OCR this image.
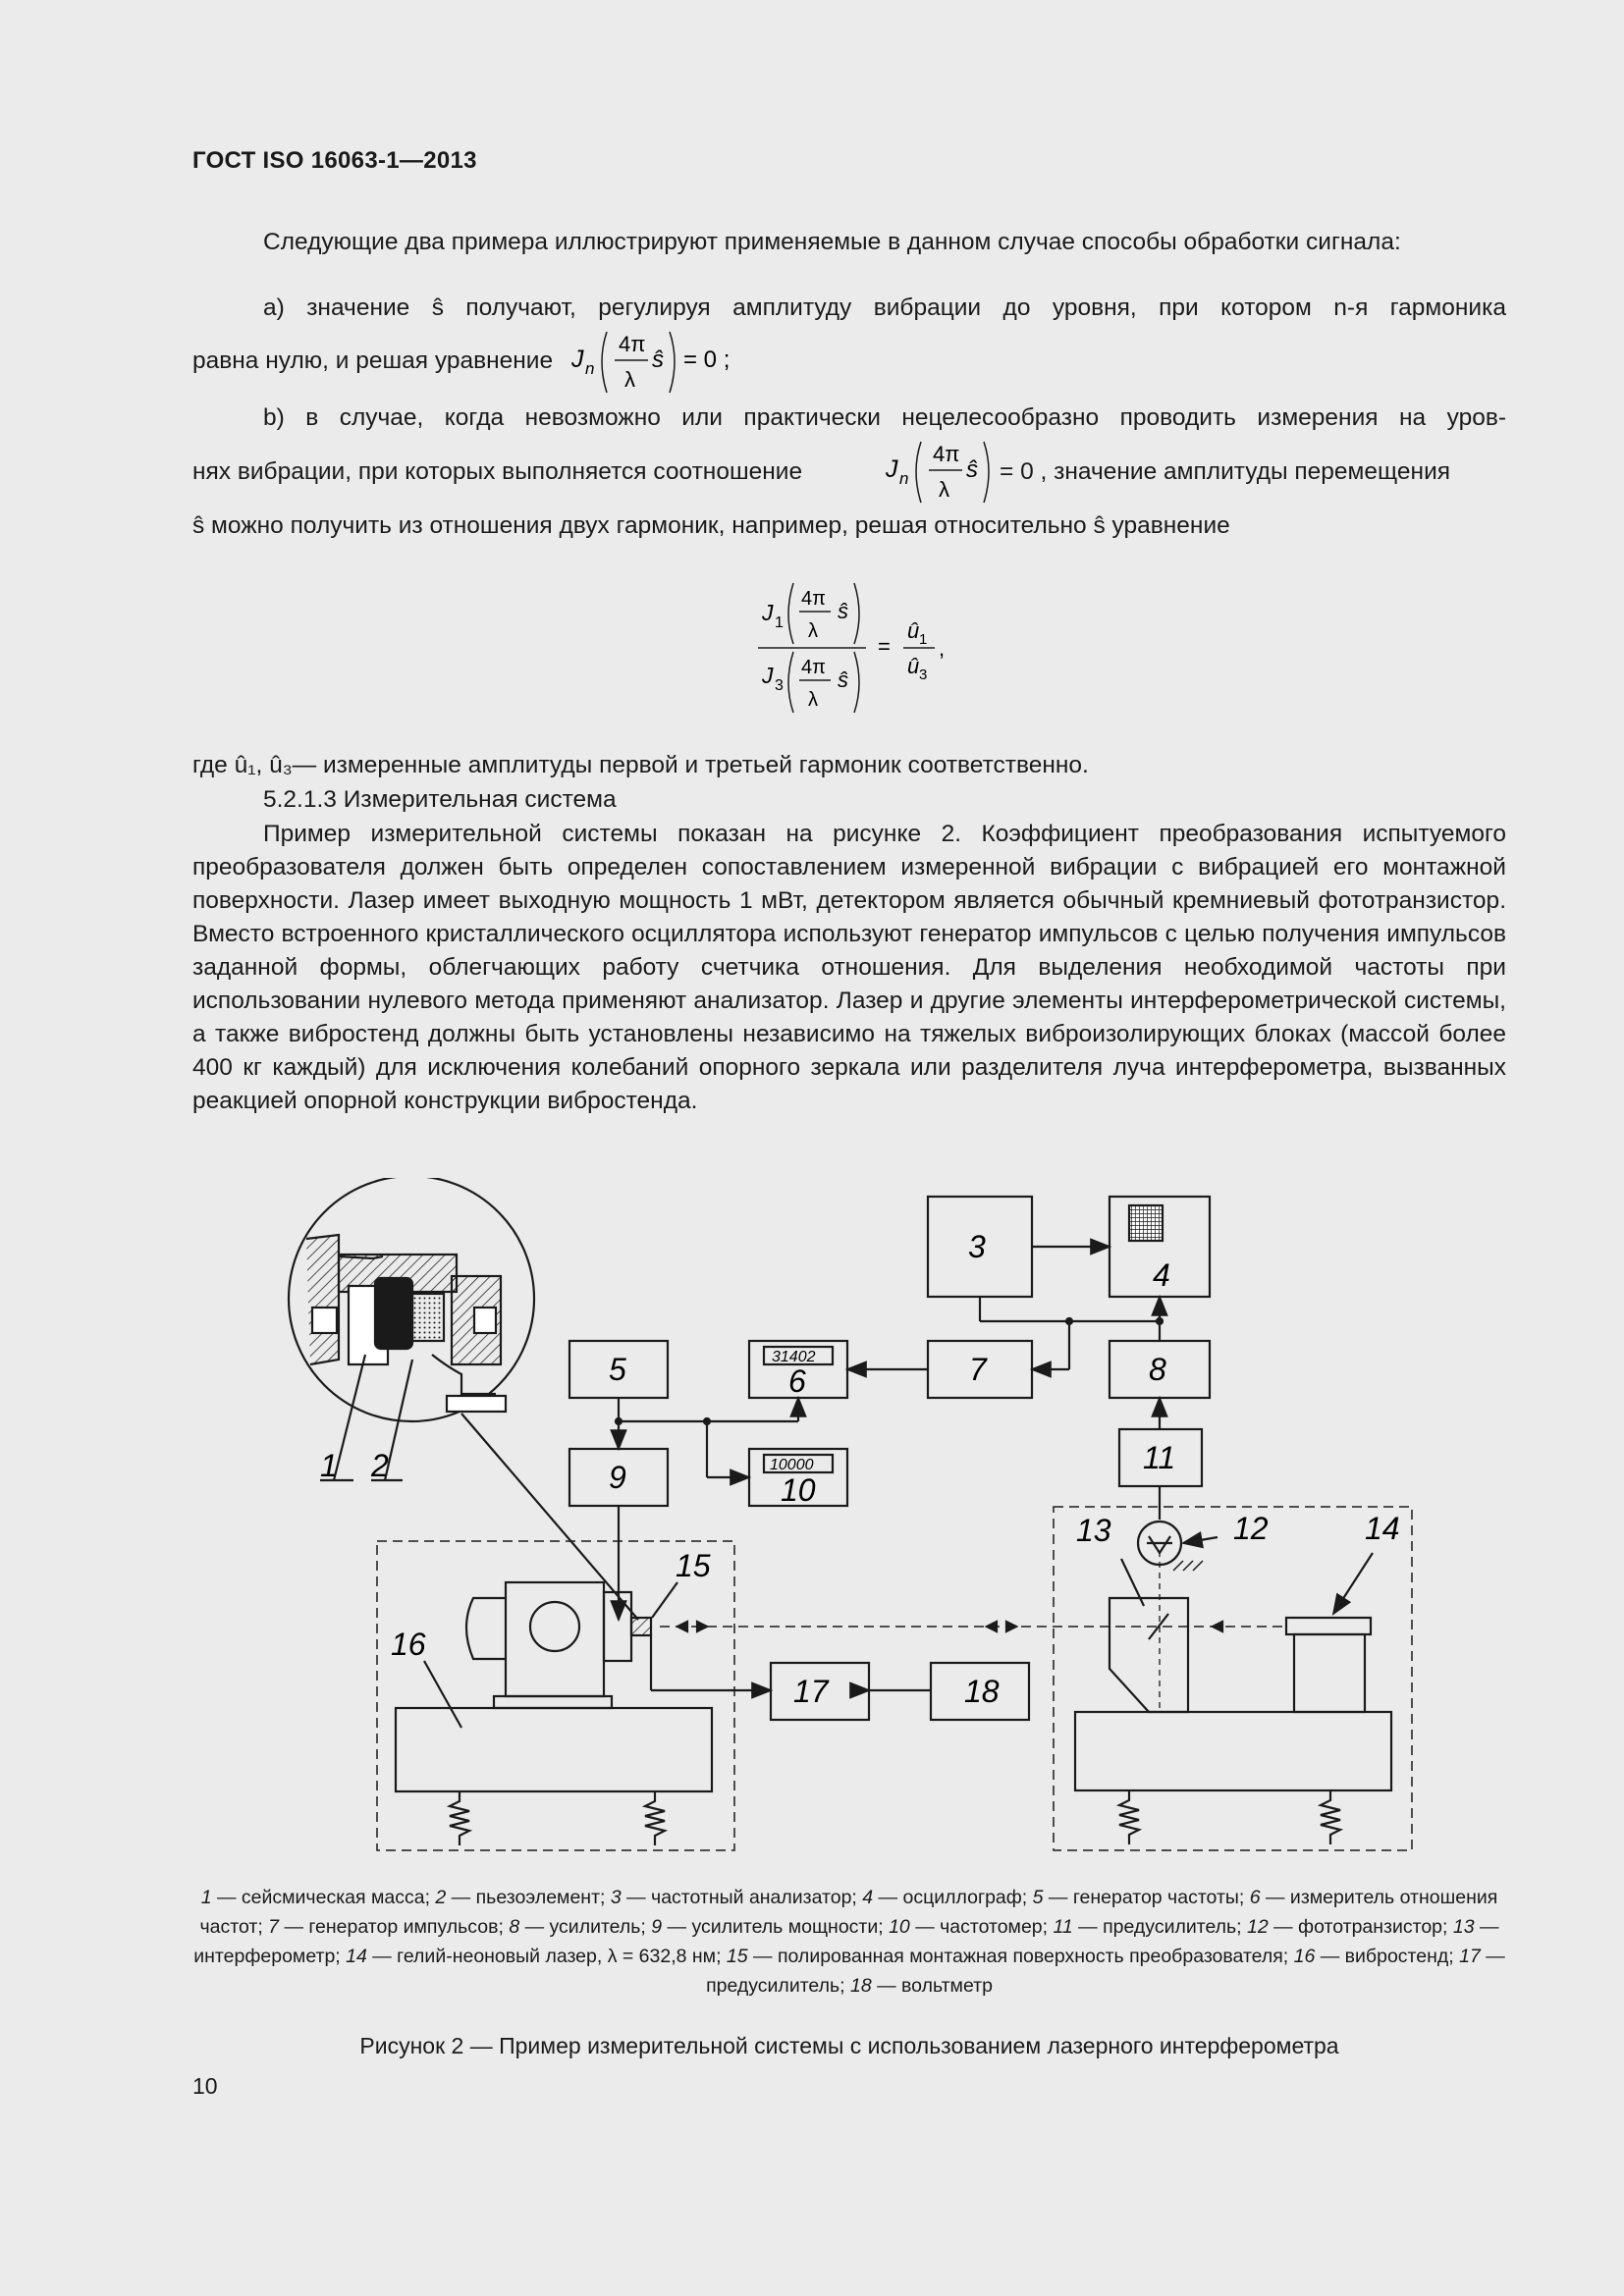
ГОСТ ISO 16063-1—2013
Следующие два примера иллюстрируют применяемые в данном случае способы обработки сигнала:
а) значение ŝ получают, регулируя амплитуду вибрации до уровня, при котором n-я гармоника
равна нулю, и решая уравнение J n
4π
λ
ŝ = 0 ;
b) в случае, когда невозможно или практически нецелесообразно проводить измерения на уров-
нях вибрации, при которых выполняется соотношение	J n
4π
λ
ŝ = 0 , значение амплитуды перемещения
ŝ можно получить из отношения двух гармоник, например, решая относительно ŝ уравнение
J 1
4π
λ
ŝ
J 3
4π
λ
ŝ
=
û 1
û 3
,
где û₁, û₃— измеренные амплитуды первой и третьей гармоник соответственно.
5.2.1.3 Измерительная система
Пример измерительной системы показан на рисунке 2. Коэффициент преобразования испытуемого преобразователя должен быть определен сопоставлением измеренной вибрации с вибрацией его монтажной поверхности. Лазер имеет выходную мощность 1 мВт, детектором является обычный кремниевый фототранзистор. Вместо встроенного кристаллического осциллятора используют генератор импульсов с целью получения импульсов заданной формы, облегчающих работу счетчика отношения. Для выделения необходимой частоты при использовании нулевого метода применяют анализатор. Лазер и другие элементы интерферометрической системы, а также вибростенд должны быть установлены независимо на тяжелых виброизолирующих блоках (массой более 400 кг каждый) для исключения колебаний опорного зеркала или разделителя луча интерферометра, вызванных реакцией опорной конструкции вибростенда.
3
4
5	31402
6	7	8
9	10000
10
11
12
13	14
15
16
17	18
1 2
1 — сейсмическая масса; 2 — пьезоэлемент; 3 — частотный анализатор; 4 — осциллограф; 5 — генератор частоты; 6 — измеритель отношения частот; 7 — генератор импульсов; 8 — усилитель; 9 — усилитель мощности; 10 — частотомер; 11 — предусилитель; 12 — фототранзистор; 13 — интерферометр; 14 — гелий-неоновый лазер, λ = 632,8 нм; 15 — полированная монтажная поверхность преобразователя; 16 — вибростенд; 17 — предусилитель; 18 — вольтметр
Рисунок 2 — Пример измерительной системы с использованием лазерного интерферометра
10
